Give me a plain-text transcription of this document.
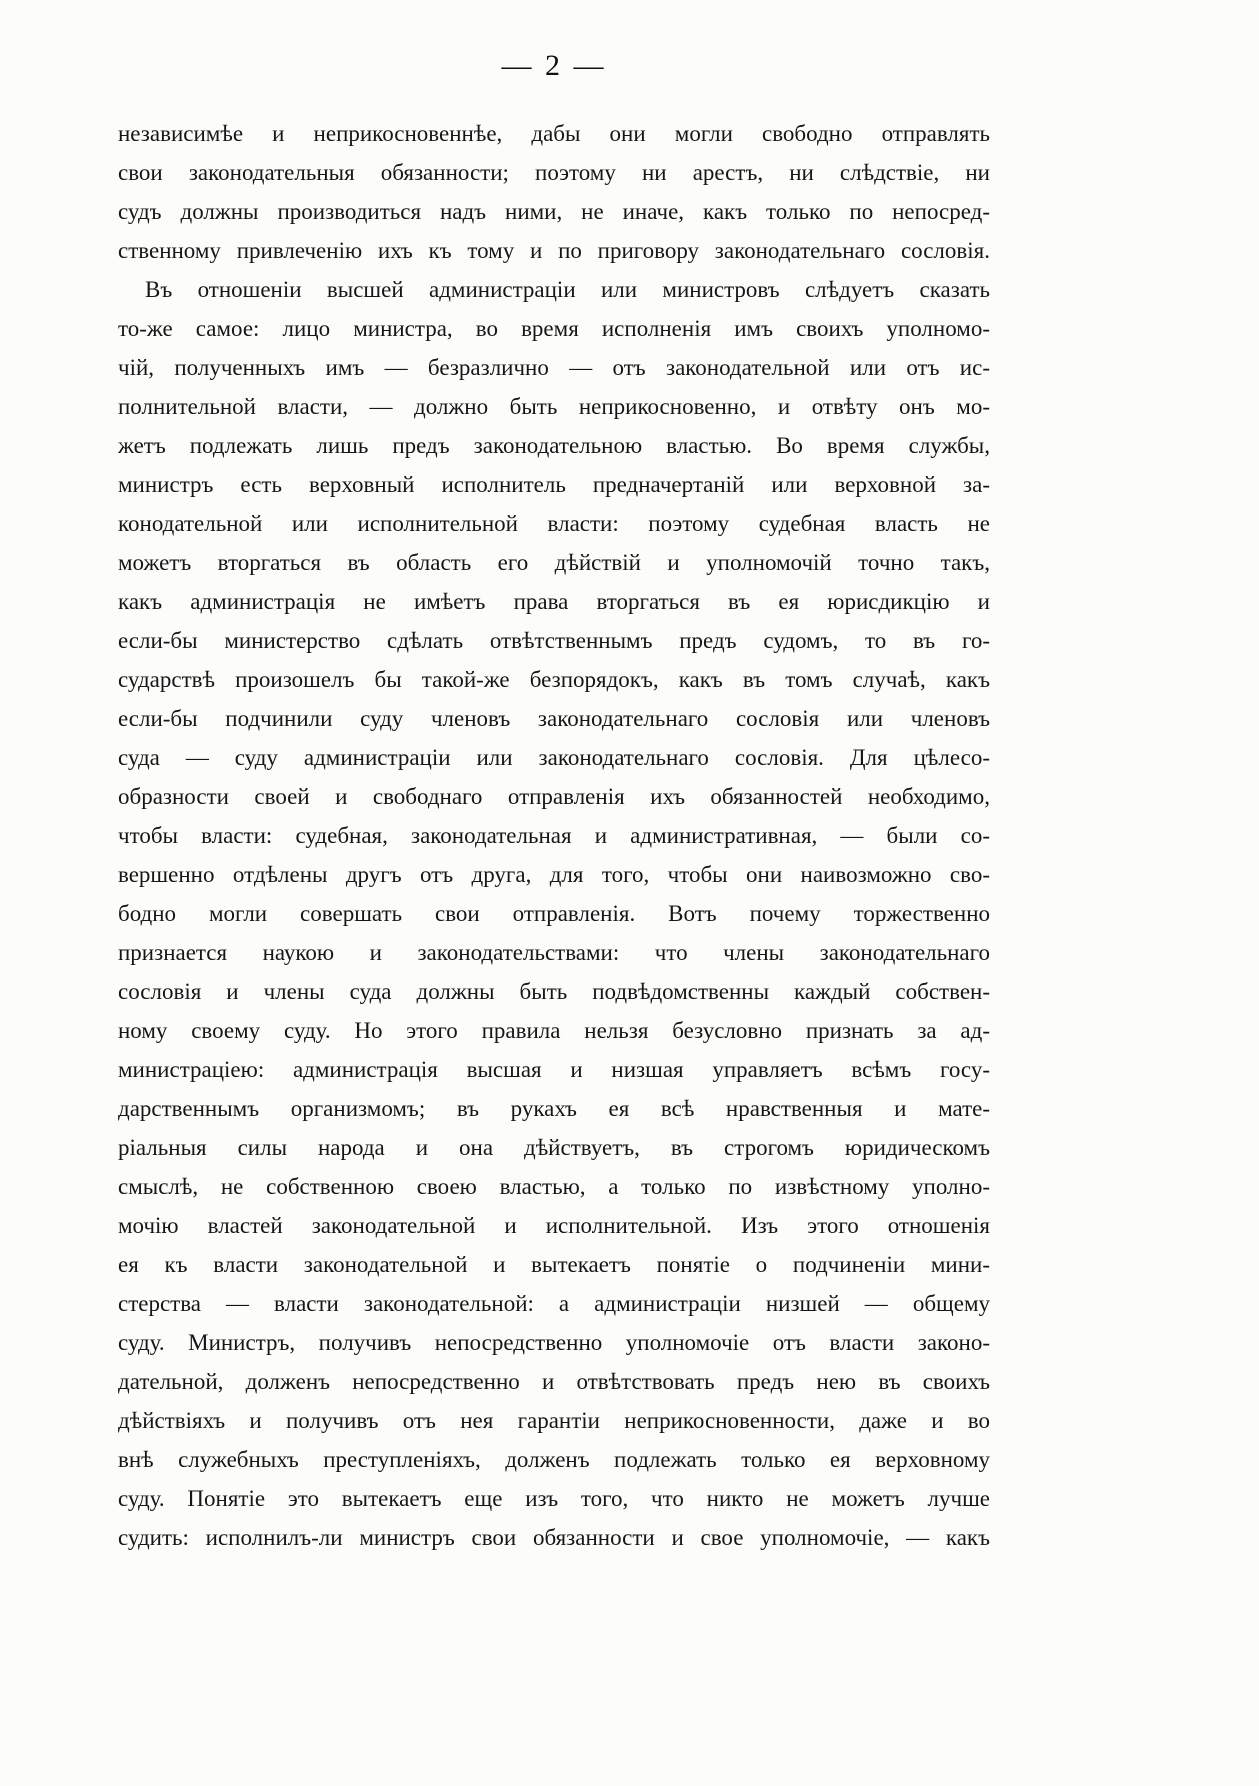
— 2 —
независимѣе и неприкосновеннѣе, дабы они могли свободно отправлять
свои законодательныя обязанности; поэтому ни арестъ, ни слѣдствіе, ни
судъ должны производиться надъ ними, не иначе, какъ только по непосред-
ственному привлеченію ихъ къ тому и по приговору законодательнаго сословія.
Въ отношеніи высшей администраціи или министровъ слѣдуетъ сказать
то-же самое: лицо министра, во время исполненія имъ своихъ уполномо-
чій, полученныхъ имъ — безразлично — отъ законодательной или отъ ис-
полнительной власти, — должно быть неприкосновенно, и отвѣту онъ мо-
жетъ подлежать лишь предъ законодательною властью. Во время службы,
министръ есть верховный исполнитель предначертаній или верховной за-
конодательной или исполнительной власти: поэтому судебная власть не
можетъ вторгаться въ область его дѣйствій и уполномочій точно такъ,
какъ администрація не имѣетъ права вторгаться въ ея юрисдикцію и
если-бы министерство сдѣлать отвѣтственнымъ предъ судомъ, то въ го-
сударствѣ произошелъ бы такой-же безпорядокъ, какъ въ томъ случаѣ, какъ
если-бы подчинили суду членовъ законодательнаго сословія или членовъ
суда — суду администраціи или законодательнаго сословія. Для цѣлесо-
образности своей и свободнаго отправленія ихъ обязанностей необходимо,
чтобы власти: судебная, законодательная и административная, — были со-
вершенно отдѣлены другъ отъ друга, для того, чтобы они наивозможно сво-
бодно могли совершать свои отправленія. Вотъ почему торжественно
признается наукою и законодательствами: что члены законодательнаго
сословія и члены суда должны быть подвѣдомственны каждый собствен-
ному своему суду. Но этого правила нельзя безусловно признать за ад-
министраціею: администрація высшая и низшая управляетъ всѣмъ госу-
дарственнымъ организмомъ; въ рукахъ ея всѣ нравственныя и мате-
ріальныя силы народа и она дѣйствуетъ, въ строгомъ юридическомъ
смыслѣ, не собственною своею властью, а только по извѣстному уполно-
мочію властей законодательной и исполнительной. Изъ этого отношенія
ея къ власти законодательной и вытекаетъ понятіе о подчиненіи мини-
стерства — власти законодательной: а администраціи низшей — общему
суду. Министръ, получивъ непосредственно уполномочіе отъ власти законо-
дательной, долженъ непосредственно и отвѣтствовать предъ нею въ своихъ
дѣйствіяхъ и получивъ отъ нея гарантіи неприкосновенности, даже и во
внѣ служебныхъ преступленіяхъ, долженъ подлежать только ея верховному
суду. Понятіе это вытекаетъ еще изъ того, что никто не можетъ лучше
судить: исполнилъ-ли министръ свои обязанности и свое уполномочіе, — какъ
